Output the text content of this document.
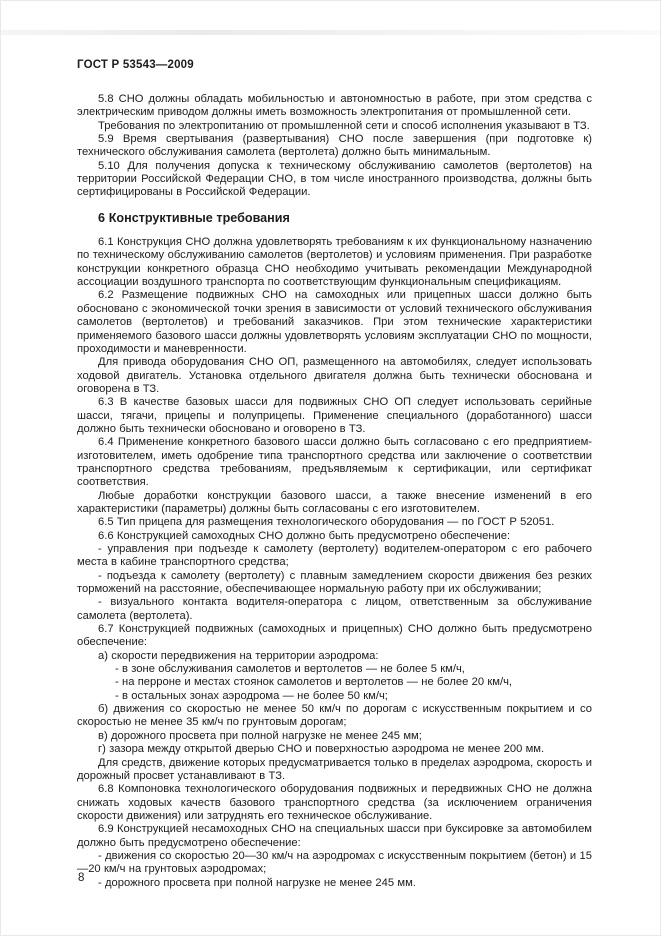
ГОСТ Р 53543—2009

5.8 СНО должны обладать мобильностью и автономностью в работе, при этом средства с электрическим приводом должны иметь возможность электропитания от промышленной сети.

Требования по электропитанию от промышленной сети и способ исполнения указывают в ТЗ.

5.9 Время свертывания (развертывания) СНО после завершения (при подготовке к) технического обслуживания самолета (вертолета) должно быть минимальным.

5.10 Для получения допуска к техническому обслуживанию самолетов (вертолетов) на территории Российской Федерации СНО, в том числе иностранного производства, должны быть сертифицированы в Российской Федерации.

6 Конструктивные требования

6.1 Конструкция СНО должна удовлетворять требованиям к их функциональному назначению по техническому обслуживанию самолетов (вертолетов) и условиям применения. При разработке конструкции конкретного образца СНО необходимо учитывать рекомендации Международной ассоциации воздушного транспорта по соответствующим функциональным спецификациям.

6.2 Размещение подвижных СНО на самоходных или прицепных шасси должно быть обосновано с экономической точки зрения в зависимости от условий технического обслуживания самолетов (вертолетов) и требований заказчиков. При этом технические характеристики применяемого базового шасси должны удовлетворять условиям эксплуатации СНО по мощности, проходимости и маневренности.

Для привода оборудования СНО ОП, размещенного на автомобилях, следует использовать ходовой двигатель. Установка отдельного двигателя должна быть технически обоснована и оговорена в ТЗ.

6.3 В качестве базовых шасси для подвижных СНО ОП следует использовать серийные шасси, тягачи, прицепы и полуприцепы. Применение специального (доработанного) шасси должно быть технически обосновано и оговорено в ТЗ.

6.4 Применение конкретного базового шасси должно быть согласовано с его предприятием-изготовителем, иметь одобрение типа транспортного средства или заключение о соответствии транспортного средства требованиям, предъявляемым к сертификации, или сертификат соответствия.

Любые доработки конструкции базового шасси, а также внесение изменений в его характеристики (параметры) должны быть согласованы с его изготовителем.

6.5 Тип прицепа для размещения технологического оборудования — по ГОСТ Р 52051.

6.6 Конструкцией самоходных СНО должно быть предусмотрено обеспечение:

- управления при подъезде к самолету (вертолету) водителем-оператором с его рабочего места в кабине транспортного средства;

- подъезда к самолету (вертолету) с плавным замедлением скорости движения без резких торможений на расстояние, обеспечивающее нормальную работу при их обслуживании;

- визуального контакта водителя-оператора с лицом, ответственным за обслуживание самолета (вертолета).

6.7 Конструкцией подвижных (самоходных и прицепных) СНО должно быть предусмотрено обеспечение:

а) скорости передвижения на территории аэродрома:

- в зоне обслуживания самолетов и вертолетов — не более 5 км/ч,

- на перроне и местах стоянок самолетов и вертолетов — не более 20 км/ч,

- в остальных зонах аэродрома — не более 50 км/ч;

б) движения со скоростью не менее 50 км/ч по дорогам с искусственным покрытием и со скоростью не менее 35 км/ч по грунтовым дорогам;

в) дорожного просвета при полной нагрузке не менее 245 мм;

г) зазора между открытой дверью СНО и поверхностью аэродрома не менее 200 мм.

Для средств, движение которых предусматривается только в пределах аэродрома, скорость и дорожный просвет устанавливают в ТЗ.

6.8 Компоновка технологического оборудования подвижных и передвижных СНО не должна снижать ходовых качеств базового транспортного средства (за исключением ограничения скорости движения) или затруднять его техническое обслуживание.

6.9 Конструкцией несамоходных СНО на специальных шасси при буксировке за автомобилем должно быть предусмотрено обеспечение:

- движения со скоростью 20—30 км/ч на аэродромах с искусственным покрытием (бетон) и 15—20 км/ч на грунтовых аэродромах;

- дорожного просвета при полной нагрузке не менее 245 мм.

8
